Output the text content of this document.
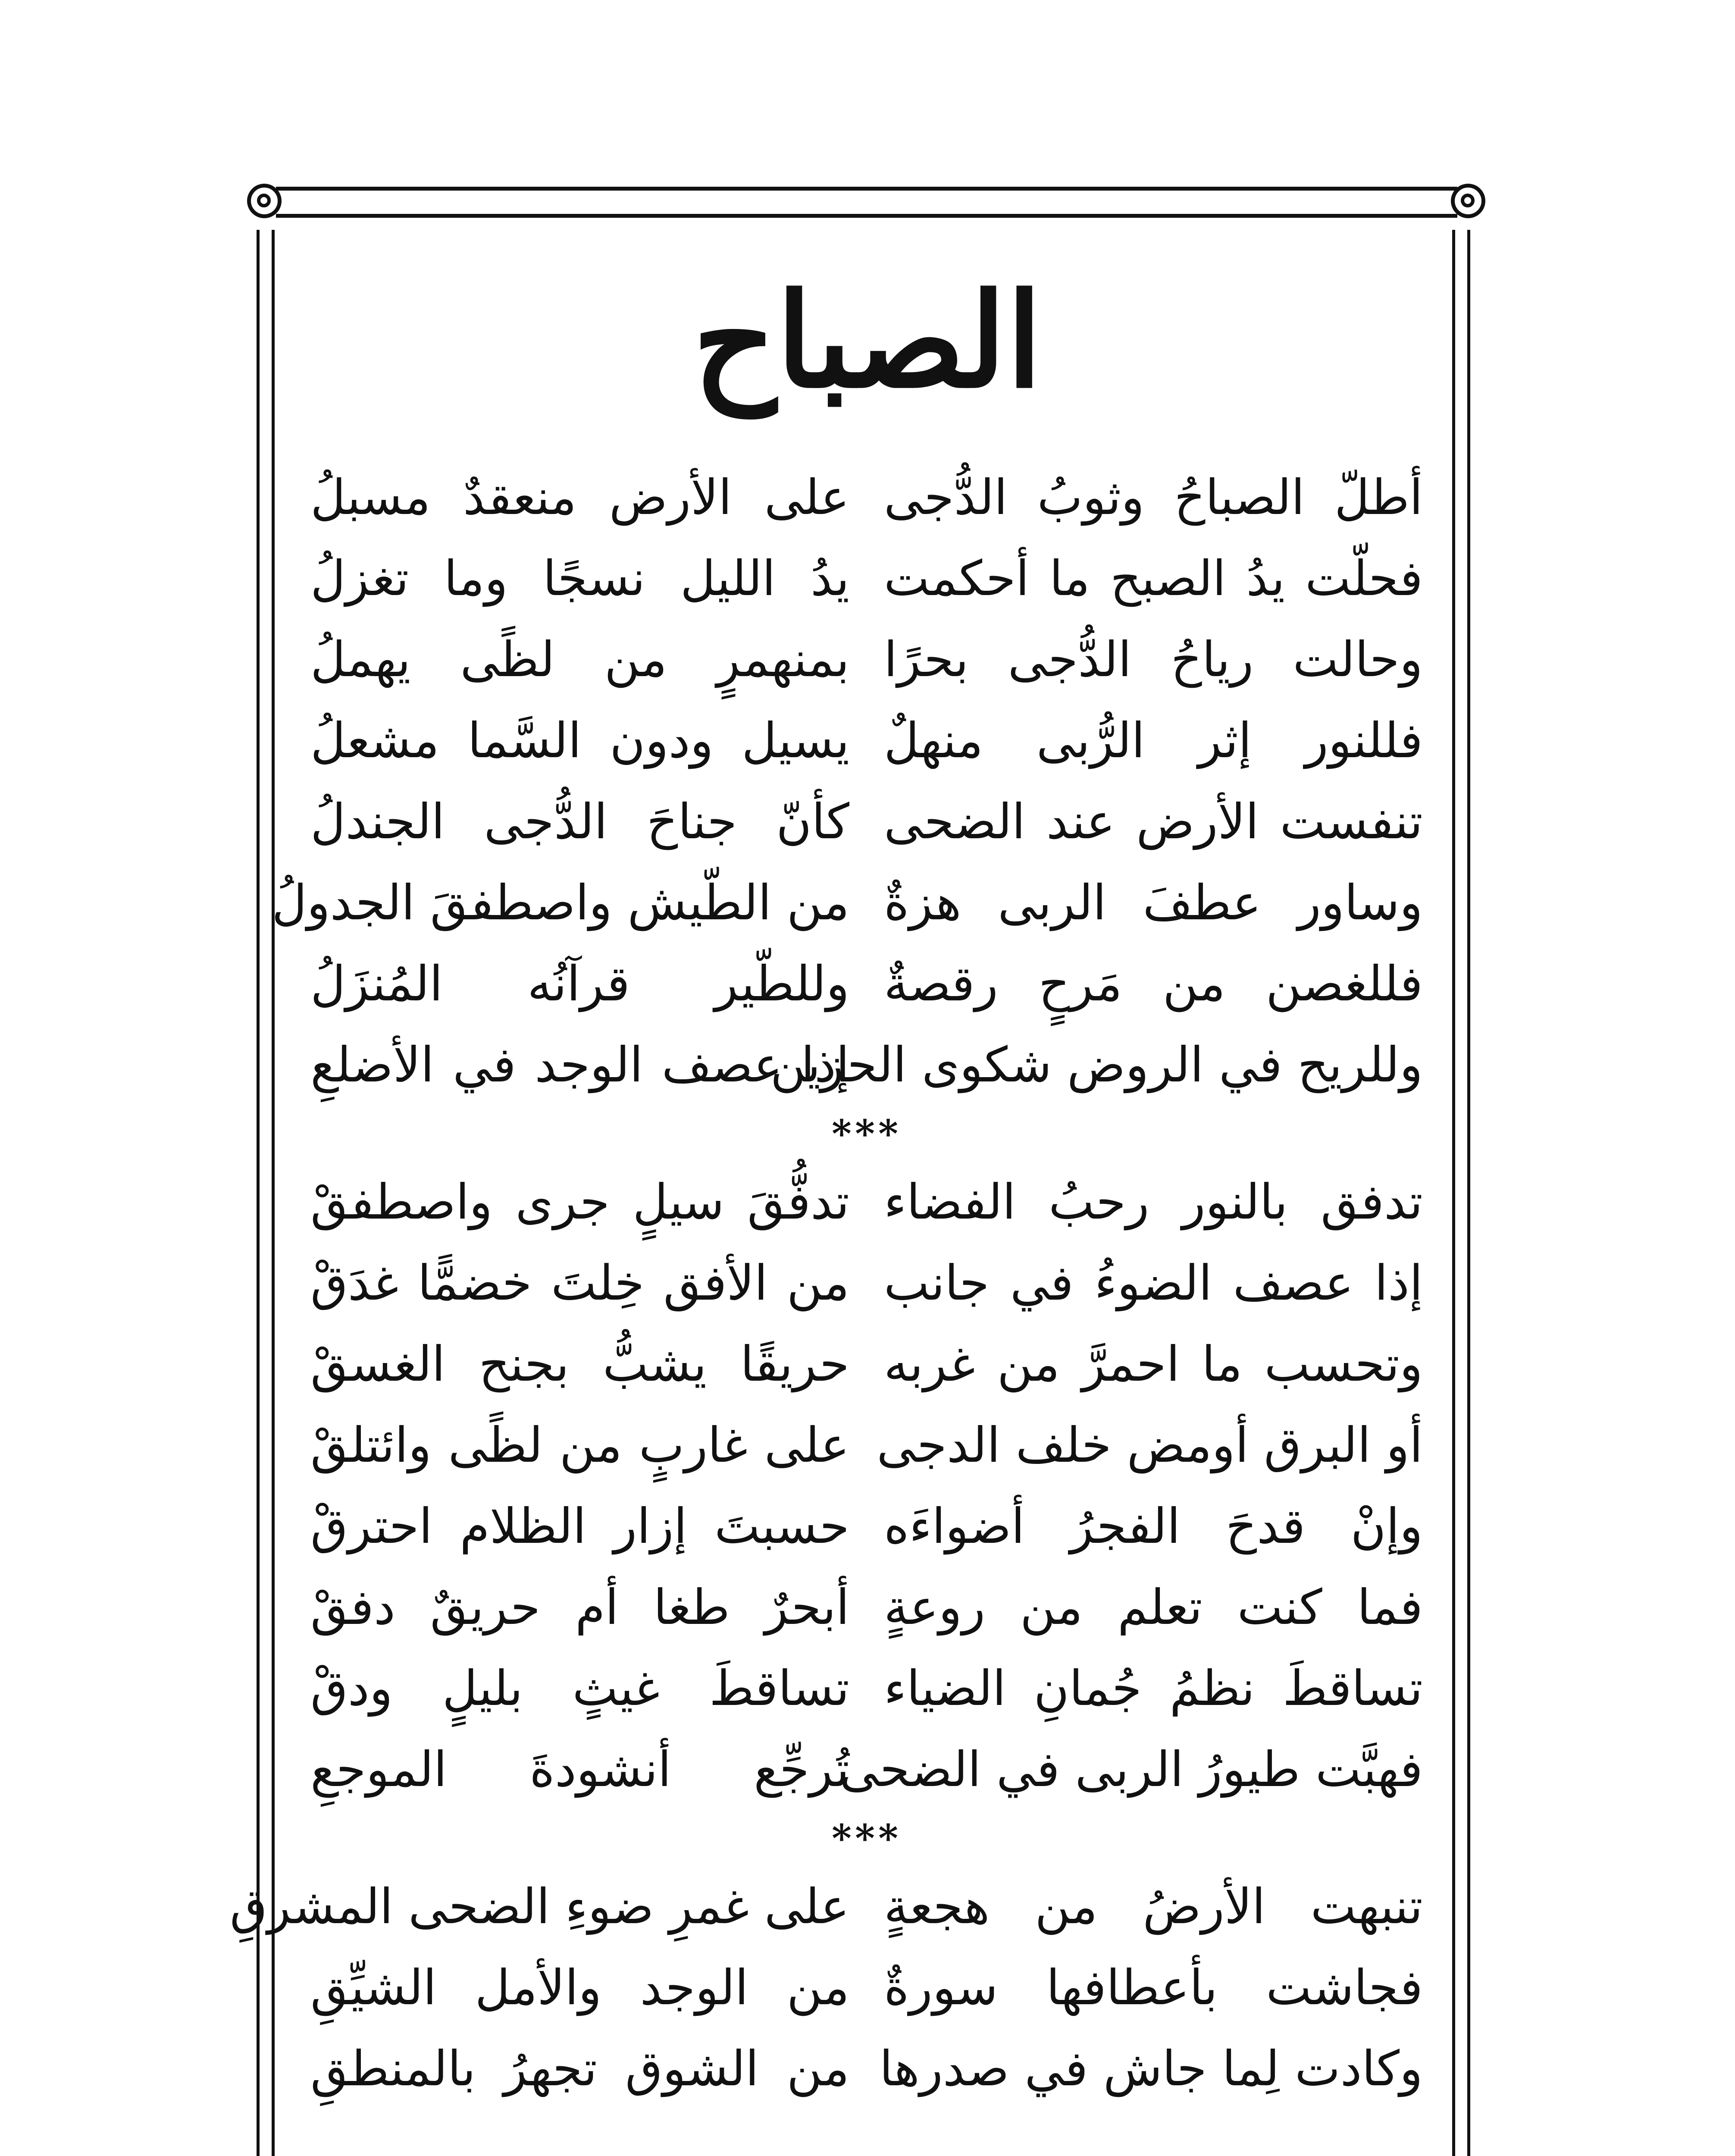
الصباح
أطلّ الصباحُ وثوبُ الدُّجى
على الأرض منعقدٌ مسبلُ
فحلّت يدُ الصبح ما أحكمت
يدُ الليل نسجًا وما تغزلُ
وحالت رياحُ الدُّجى بحرًا
بمنهمرٍ من لظًى يهملُ
فللنور إثر الرُّبى منهلٌ
يسيل ودون السَّما مشعلُ
تنفست الأرض عند الضحى
كأنّ جناحَ الدُّجى الجندلُ
وساور عطفَ الربى هزةٌ
من الطّيش واصطفقَ الجدولُ
فللغصن من مَرحٍ رقصةٌ
وللطّير قرآنُه المُنزَلُ
وللريح في الروض شكوى الحزين
إذا عصف الوجد في الأضلعِ
***
تدفق بالنور رحبُ الفضاء
تدفُّقَ سيلٍ جرى واصطفقْ
إذا عصف الضوءُ في جانب
من الأفق خِلتَ خضمًّا غدَقْ
وتحسب ما احمرَّ من غربه
حريقًا يشبُّ بجنح الغسقْ
أو البرق أومض خلف الدجى
على غاربٍ من لظًى وائتلقْ
وإنْ قدحَ الفجرُ أضواءَه
حسبتَ إزار الظلام احترقْ
فما كنت تعلم من روعةٍ
أبحرٌ طغا أم حريقٌ دفقْ
تساقطَ نظمُ جُمانِ الضياء
تساقطَ غيثٍ بليلٍ ودقْ
فهبَّت طيورُ الربى في الضحى
تُرجِّع أنشودةَ الموجعِ
***
تنبهت الأرضُ من هجعةٍ
على غمرِ ضوءِ الضحى المشرقِ
فجاشت بأعطافها سورةٌ
من الوجد والأمل الشيِّقِ
وكادت لِما جاش في صدرها
من الشوق تجهرُ بالمنطقِ
